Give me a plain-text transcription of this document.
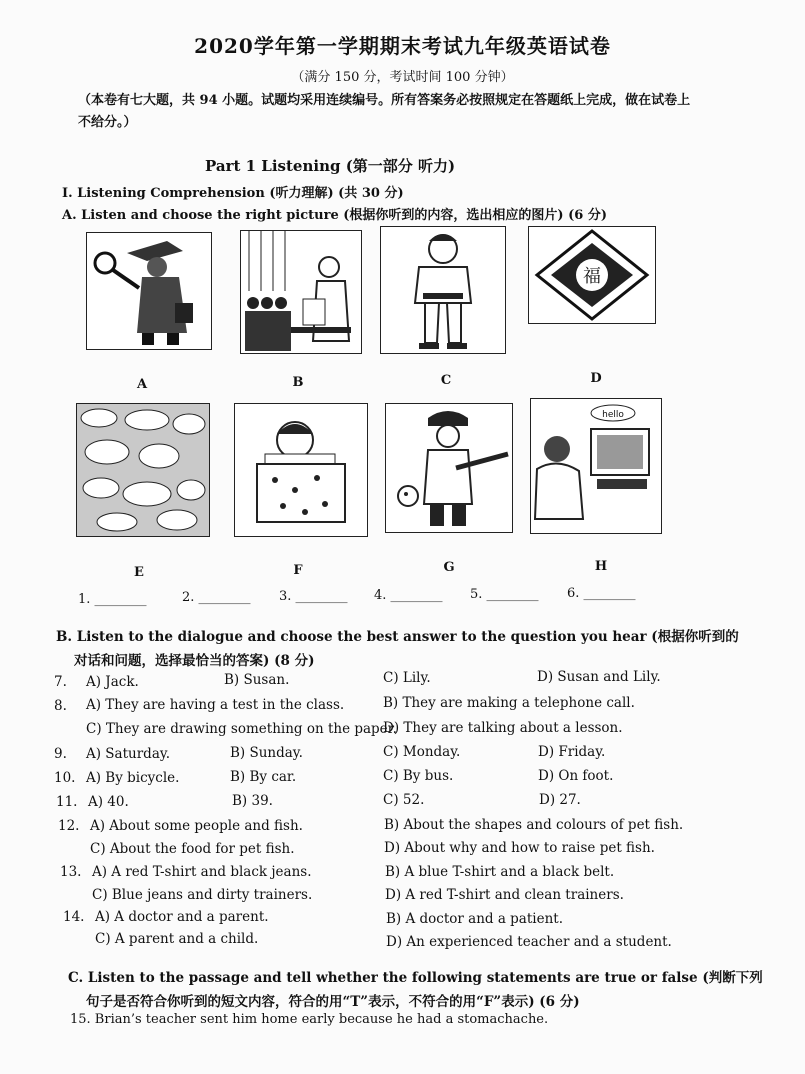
2020学年第一学期期末考试九年级英语试卷
（满分 150 分，考试时间 100 分钟）
（本卷有七大题，共 94 小题。试题均采用连续编号。所有答案务必按照规定在答题纸上完成，做在试卷上不给分。）
Part 1 Listening (第一部分 听力)
I. Listening Comprehension (听力理解) (共 30 分)
A. Listen and choose the right picture (根据你听到的内容，选出相应的图片) (6 分)
福
A	B	C	D
hello
E	F	G	H
1. ________	2. ________ 3. ________ 4. ________ 5. ________ 6. ________
B. Listen to the dialogue and choose the best answer to the question you hear (根据你听到的
对话和问题，选择最恰当的答案) (8 分)
7. A) Jack.	B) Susan.	C) Lily.	D) Susan and Lily.
8. A) They are having a test in the class.	B) They are making a telephone call.
C) They are drawing something on the paper.
D) They are talking about a lesson.
9. A) Saturday.	B) Sunday.	C) Monday.	D) Friday.
10. A) By bicycle.	B) By car.	C) By bus.	D) On foot.
11. A) 40.	B) 39.	C) 52.	D) 27.
12. A) About some people and fish.	B) About the shapes and colours of pet fish.
C) About the food for pet fish.	D) About why and how to raise pet fish.
13. A) A red T-shirt and black jeans.	B) A blue T-shirt and a black belt.
C) Blue jeans and dirty trainers.	D) A red T-shirt and clean trainers.
14. A) A doctor and a parent.	B) A doctor and a patient.
C) A parent and a child.	D) An experienced teacher and a student.
C. Listen to the passage and tell whether the following statements are true or false (判断下列
句子是否符合你听到的短文内容，符合的用“T”表示，不符合的用“F”表示) (6 分)
15. Brian’s teacher sent him home early because he had a stomachache.
